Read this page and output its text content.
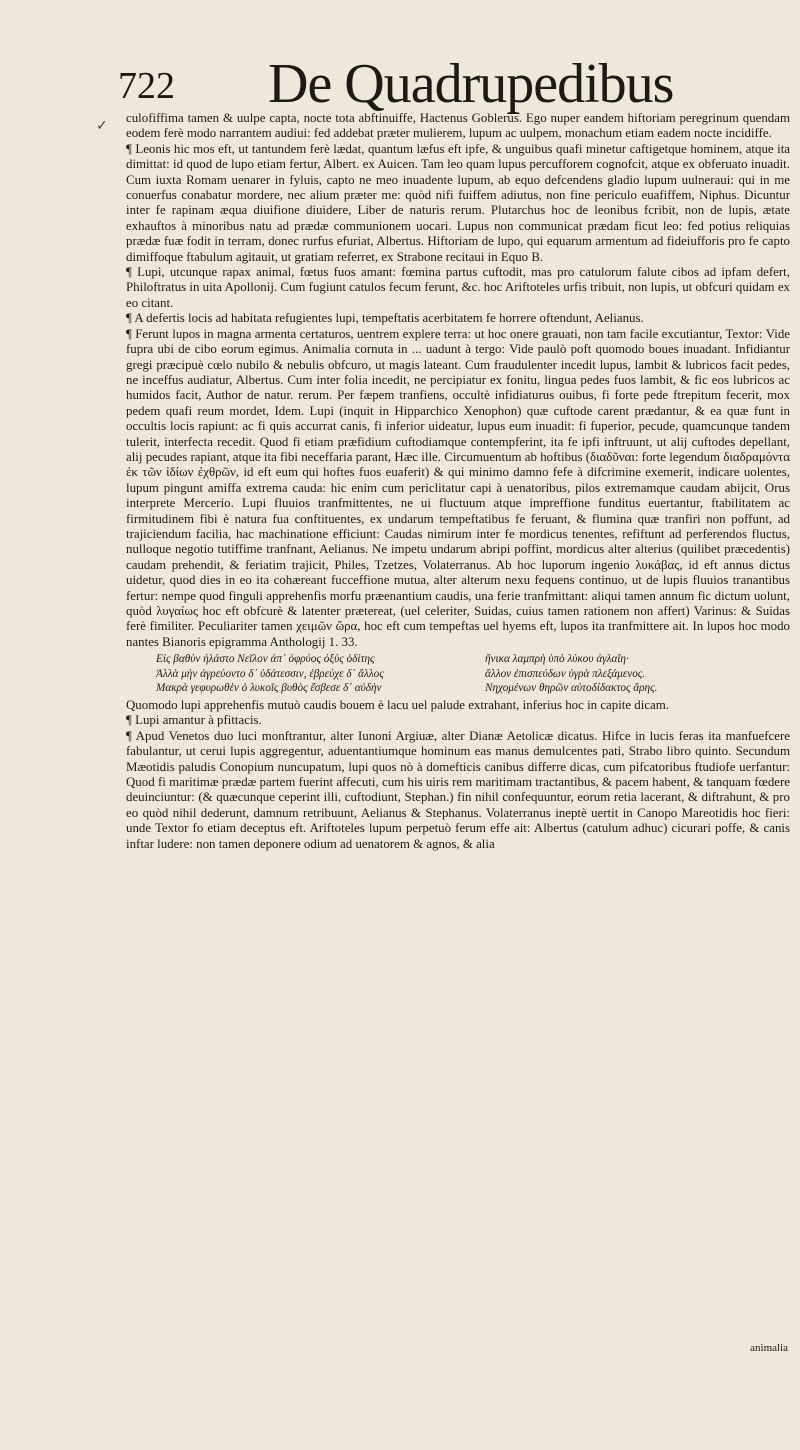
722 De Quadrupedibus
✓ culofiffima tamen & uulpe capta, nocte tota abftinuiffe, Hactenus Goblerus. Ego nuper eandem hiftoriam peregrinum quendam eodem ferè modo narrantem audiui: fed addebat præter mulierem, lupum ac uulpem, monachum etiam eadem nocte incidiffe.

¶ Leonis hic mos eft, ut tantundem ferè lædat, quantum læfus eft ipfe, & unguibus quafi minetur caftigetque hominem, atque ita dimittat: id quod de lupo etiam fertur, Albert. ex Auicen. Tam leo quam lupus percufforem cognofcit, atque ex obferuato inuadit. Cum iuxta Romam uenarer in fyluis, capto ne meo inuadente lupum, ab equo defcendens gladio lupum uulneraui: qui in me conuerfus conabatur mordere, nec alium præter me: quòd nifi fuiffem adiutus, non fine periculo euafiffem, Niphus. Dicuntur inter fe rapinam æqua diuifione diuidere, Liber de naturis rerum. Plutarchus hoc de leonibus fcribit, non de lupis, ætate exhauftos à minoribus natu ad prædæ communionem uocari. Lupus non communicat prædam ficut leo: fed potius reliquias prædæ fuæ fodit in terram, donec rurfus efuriat, Albertus. Hiftoriam de lupo, qui equarum armentum ad fideiufforis pro fe capto dimiffoque ftabulum agitauit, ut gratiam referret, ex Strabone recitaui in Equo B.

¶ Lupi, utcunque rapax animal, fœtus fuos amant: fœmina partus cuftodit, mas pro catulorum falute cibos ad ipfam defert, Philoftratus in uita Apollonij. Cum fugiunt catulos fecum ferunt, &c. hoc Ariftoteles urfis tribuit, non lupis, ut obfcuri quidam ex eo citant.

¶ A defertis locis ad habitata refugientes lupi, tempeftatis acerbitatem fe horrere oftendunt, Aelianus.

¶ Ferunt lupos in magna armenta certaturos, uentrem explere terra: ut hoc onere grauati, non tam facile excutiantur, Textor: Vide fupra ubi de cibo eorum egimus. Animalia cornuta in ... uadunt à tergo: Vide paulò poft quomodo boues inuadant. Infidiantur gregi præcipuè cœlo nubilo & nebulis obfcuro, ut magis lateant. Cum fraudulenter incedit lupus, lambit & lubricos facit pedes, ne inceffus audiatur, Albertus. Cum inter folia incedit, ne percipiatur ex fonitu, lingua pedes fuos lambit, & fic eos lubricos ac humidos facit, Author de natur. rerum. Per fæpem tranfiens, occultè infidiaturus ouibus, fi forte pede ftrepitum fecerit, mox pedem quafi reum mordet, Idem. Lupi (inquit in Hipparchico Xenophon) quæ cuftode carent prædantur, & ea quæ funt in occultis locis rapiunt: ac fi quis accurrat canis, fi inferior uideatur, lupus eum inuadit: fi fuperior, pecude, quamcunque tandem tulerit, interfecta recedit. Quod fi etiam præfidium cuftodiamque contempferint, ita fe ipfi inftruunt, ut alij cuftodes depellant, alij pecudes rapiant, atque ita fibi neceffaria parant, Hæc ille. Circumuentum ab hoftibus (διαδῦναι: forte legendum διαδραμόντα ἐκ τῶν ἰδίων ἐχθρῶν, id eft eum qui hoftes fuos euaferit) & qui minimo damno fefe à difcrimine exemerit, indicare uolentes, lupum pingunt amiffa extrema cauda: hic enim cum periclitatur capi à uenatoribus, pilos extremamque caudam abijcit, Orus interprete Mercerio. Lupi fluuios tranfmittentes, ne ui fluctuum atque impreffione funditus euertantur, ftabilitatem ac firmitudinem fibi è natura fua conftituentes, ex undarum tempeftatibus fe feruant, & flumina quæ tranfiri non poffunt, ad trajiciendum facilia, hac machinatione efficiunt: Caudas nimirum inter fe mordicus tenentes, refiftunt ad perferendos fluctus, nulloque negotio tutiffime tranfnant, Aelianus. Ne impetu undarum abripi poffint, mordicus alter alterius (quilibet præcedentis) caudam prehendit, & feriatim trajicit, Philes, Tzetzes, Volaterranus. Ab hoc luporum ingenio λυκάβας, id eft annus dictus uidetur, quod dies in eo ita cohæreant fucceffione mutua, alter alterum nexu fequens continuo, ut de lupis fluuios tranantibus fertur: nempe quod finguli apprehenfis morfu præenantium caudis, una ferie tranfmittant: aliqui tamen annum fic dictum uolunt, quòd λυγαίως hoc eft obfcurè & latenter prætereat, (uel celeriter, Suidas, cuius tamen rationem non affert) Varinus: & Suidas ferè fimiliter. Peculiariter tamen χειμῶν ὥρα, hoc eft cum tempeftas uel hyems eft, lupos ita tranfmittere ait. In lupos hoc modo nantes Bianoris epigramma Anthologij 1. 33.

Εἰς βαθὺν ἠλάστο Νεῖλον ἀπ᾽ ὀφρύος ὀξὺς ὁδίτης	ἤνικα λαμπρὴ ὑπὸ λύκου ἀγλαΐη·
Ἀλλὰ μὴν ἀγρεύοντο δ᾽ ὑδάτεσσιν, ἐβρεύχε δ᾽ ἄλλος	ἄλλον ἐπισπεύδων ὑγρὰ πλεξάμενος.
Μακρὰ γεφυρωθὲν ὁ λυκοῖς βυθὸς ἔσβεσε δ᾽ αὐδὴν	Νηχομένων θηρῶν αὐτοδίδακτος ἄρης.

Quomodo lupi apprehenfis mutuò caudis bouem è lacu uel palude extrahant, inferius hoc in capite dicam.

¶ Lupi amantur à pfittacis.

¶ Apud Venetos duo luci monftrantur, alter Iunoni Argiuæ, alter Dianæ Aetolicæ dicatus. Hifce in lucis feras ita manfuefcere fabulantur, ut cerui lupis aggregentur, aduentantiumque hominum eas manus demulcentes pati, Strabo libro quinto. Secundum Mæotidis paludis Conopium nuncupatum, lupi quos nò à domefticis canibus differre dicas, cum pifcatoribus ftudiofe uerfantur: Quod fi maritimæ prædæ partem fuerint affecuti, cum his uiris rem maritimam tractantibus, & pacem habent, & tanquam fœdere deuinciuntur: (& quæcunque ceperint illi, cuftodiunt, Stephan.) fin nihil confequuntur, eorum retia lacerant, & diftrahunt, & pro eo quòd nihil dederunt, damnum retribuunt, Aelianus & Stephanus. Volaterranus ineptè uertit in Canopo Mareotidis hoc fieri: unde Textor fo etiam deceptus eft. Ariftoteles lupum perpetuò ferum effe ait: Albertus (catulum adhuc) cicurari poffe, & canis inftar ludere: non tamen deponere odium ad uenatorem & agnos, & alia

animalia
